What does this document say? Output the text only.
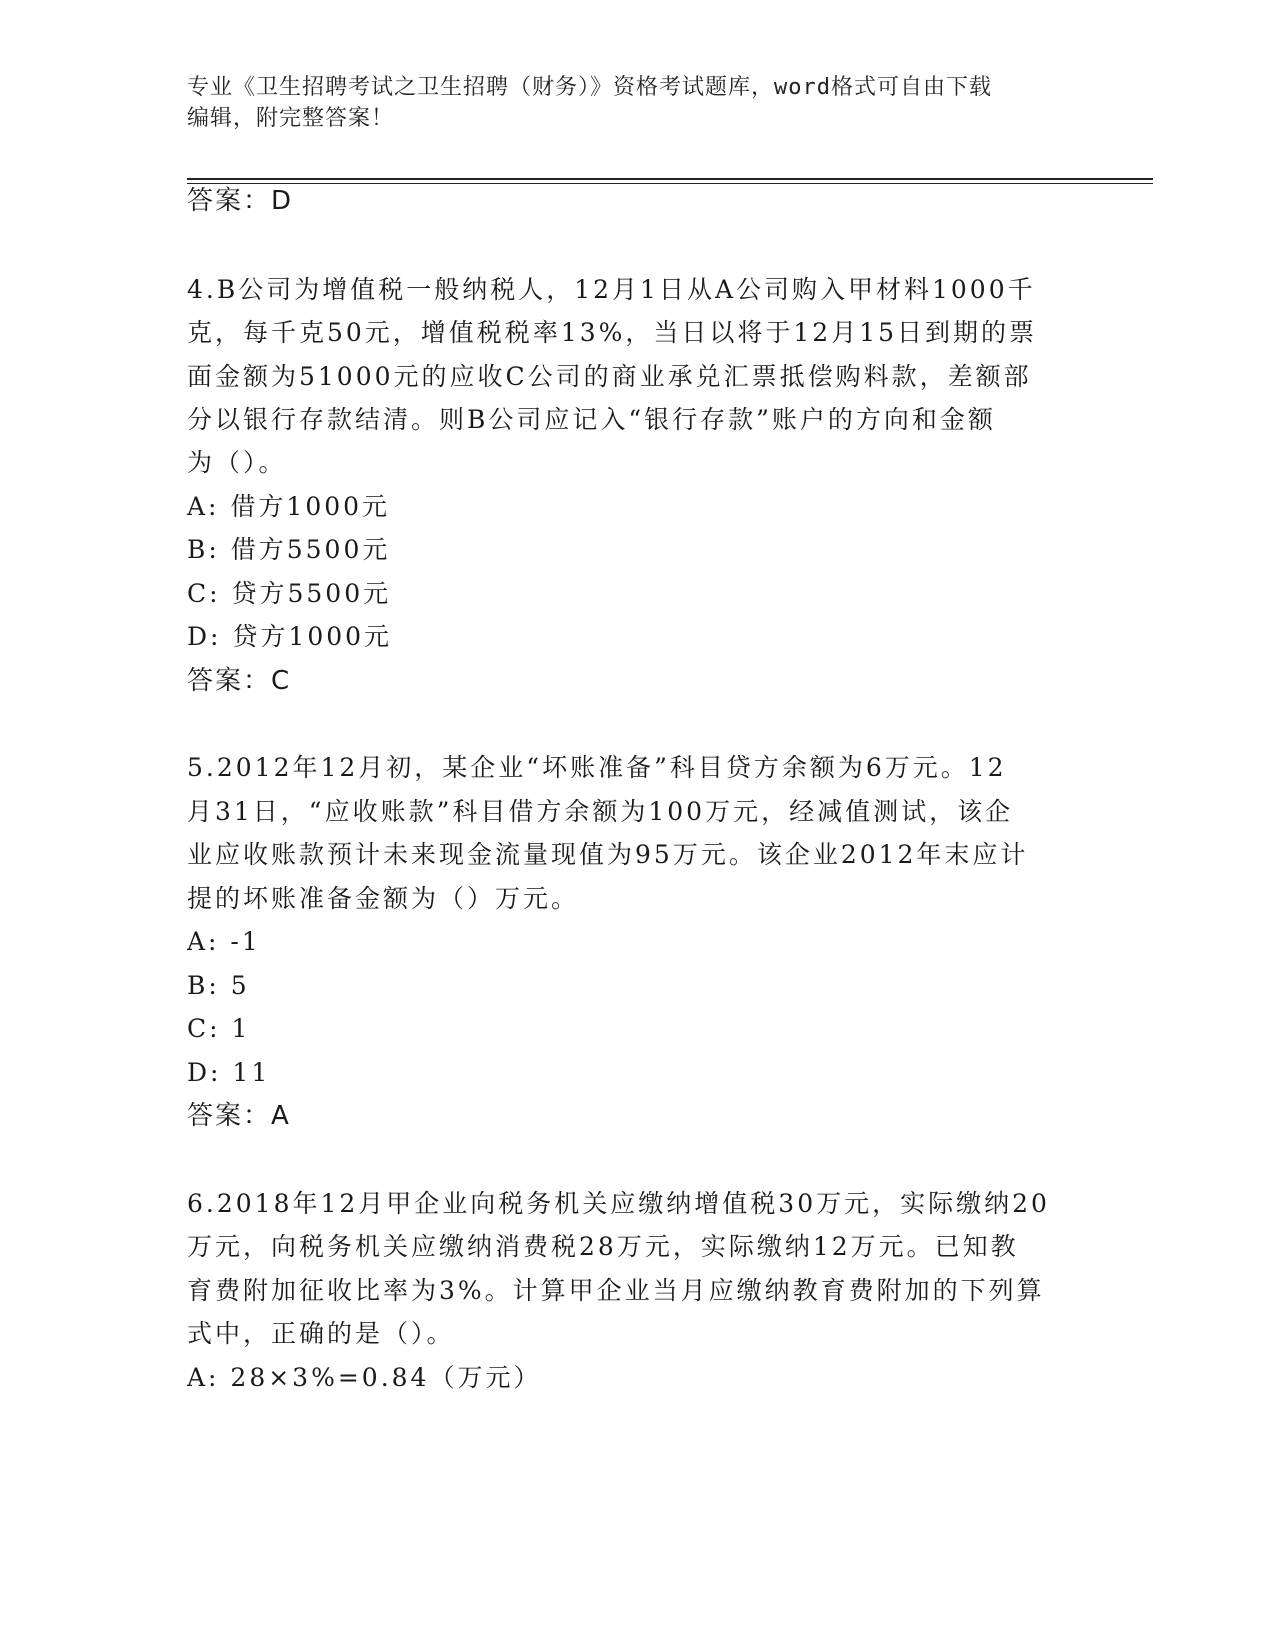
专业《卫生招聘考试之卫生招聘（财务）》资格考试题库，word格式可自由下载
编辑，附完整答案！
答案：D
4.B公司为增值税一般纳税人，12月1日从A公司购入甲材料1000千
克，每千克50元，增值税税率13%，当日以将于12月15日到期的票
面金额为51000元的应收C公司的商业承兑汇票抵偿购料款，差额部
分以银行存款结清。则B公司应记入“银行存款”账户的方向和金额
为（）。
A: 借方1000元
B: 借方5500元
C: 贷方5500元
D: 贷方1000元
答案：C
5.2012年12月初，某企业“坏账准备”科目贷方余额为6万元。12
月31日，“应收账款”科目借方余额为100万元，经减值测试，该企
业应收账款预计未来现金流量现值为95万元。该企业2012年末应计
提的坏账准备金额为（）万元。
A: -1
B: 5
C: 1
D: 11
答案：A
6.2018年12月甲企业向税务机关应缴纳增值税30万元，实际缴纳20
万元，向税务机关应缴纳消费税28万元，实际缴纳12万元。已知教
育费附加征收比率为3%。计算甲企业当月应缴纳教育费附加的下列算
式中，正确的是（）。
A: 28×3%=0.84（万元）
